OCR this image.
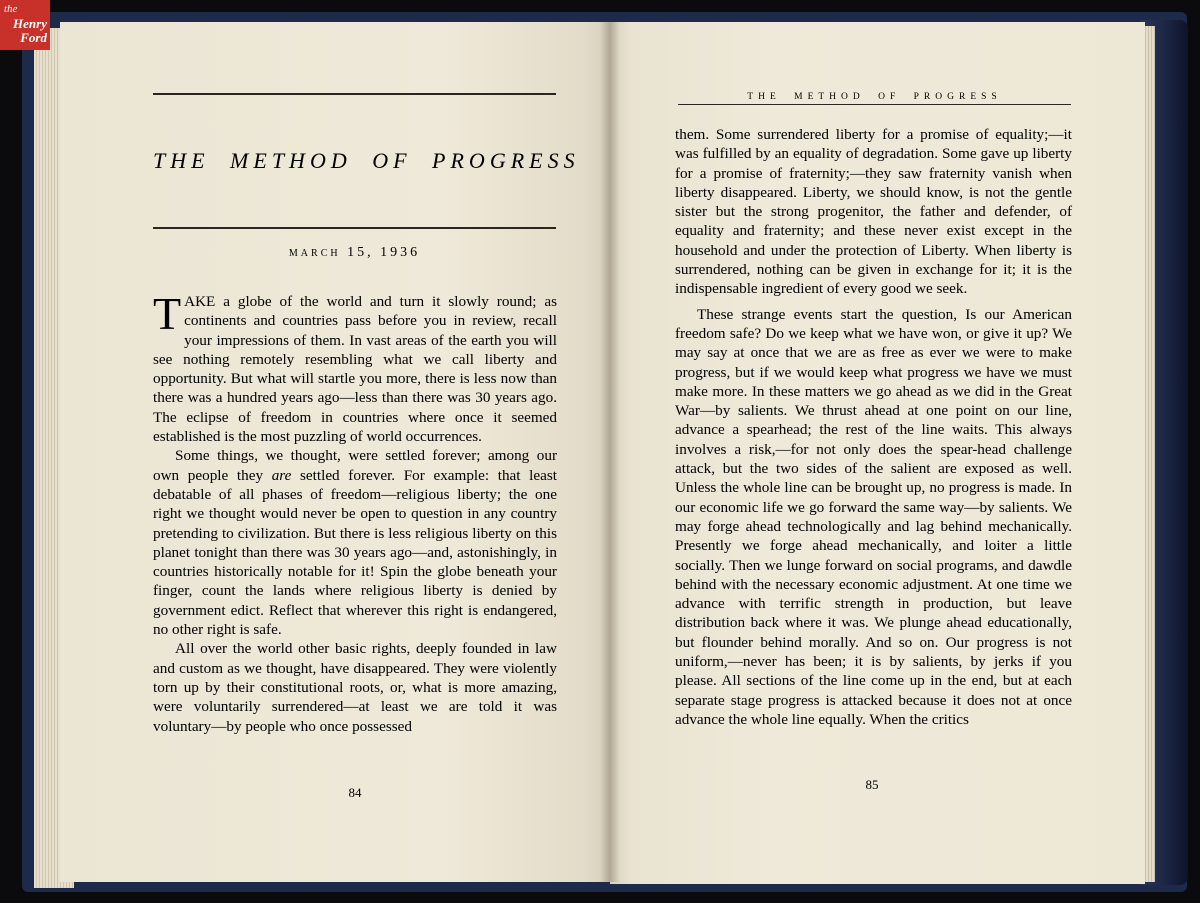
the
Henry
Ford
THE METHOD OF PROGRESS
MARCH 15, 1936

TAKE a globe of the world and turn it slowly round; as continents and countries pass before you in review, recall your impressions of them. In vast areas of the earth you will see nothing remotely resembling what we call liberty and opportunity. But what will startle you more, there is less now than there was a hundred years ago—less than there was 30 years ago. The eclipse of freedom in countries where once it seemed established is the most puzzling of world occurrences.

Some things, we thought, were settled forever; among our own people they are settled forever. For example: that least debatable of all phases of freedom—religious liberty; the one right we thought would never be open to question in any country pretending to civilization. But there is less religious liberty on this planet tonight than there was 30 years ago—and, astonishingly, in countries historically notable for it! Spin the globe beneath your finger, count the lands where religious liberty is denied by government edict. Reflect that wherever this right is endangered, no other right is safe.

All over the world other basic rights, deeply founded in law and custom as we thought, have disappeared. They were violently torn up by their constitutional roots, or, what is more amazing, were voluntarily surrendered—at least we are told it was voluntary—by people who once possessed

84
THE METHOD OF PROGRESS

them. Some surrendered liberty for a promise of equality;—it was fulfilled by an equality of degradation. Some gave up liberty for a promise of fraternity;—they saw fraternity vanish when liberty disappeared. Liberty, we should know, is not the gentle sister but the strong progenitor, the father and defender, of equality and fraternity; and these never exist except in the household and under the protection of Liberty. When liberty is surrendered, nothing can be given in exchange for it; it is the indispensable ingredient of every good we seek.

These strange events start the question, Is our American freedom safe? Do we keep what we have won, or give it up? We may say at once that we are as free as ever we were to make progress, but if we would keep what progress we have we must make more. In these matters we go ahead as we did in the Great War—by salients. We thrust ahead at one point on our line, advance a spearhead; the rest of the line waits. This always involves a risk,—for not only does the spear-head challenge attack, but the two sides of the salient are exposed as well. Unless the whole line can be brought up, no progress is made. In our economic life we go forward the same way—by salients. We may forge ahead technologically and lag behind mechanically. Presently we forge ahead mechanically, and loiter a little socially. Then we lunge forward on social programs, and dawdle behind with the necessary economic adjustment. At one time we advance with terrific strength in production, but leave distribution back where it was. We plunge ahead educationally, but flounder behind morally. And so on. Our progress is not uniform,—never has been; it is by salients, by jerks if you please. All sections of the line come up in the end, but at each separate stage progress is attacked because it does not at once advance the whole line equally. When the critics

85
